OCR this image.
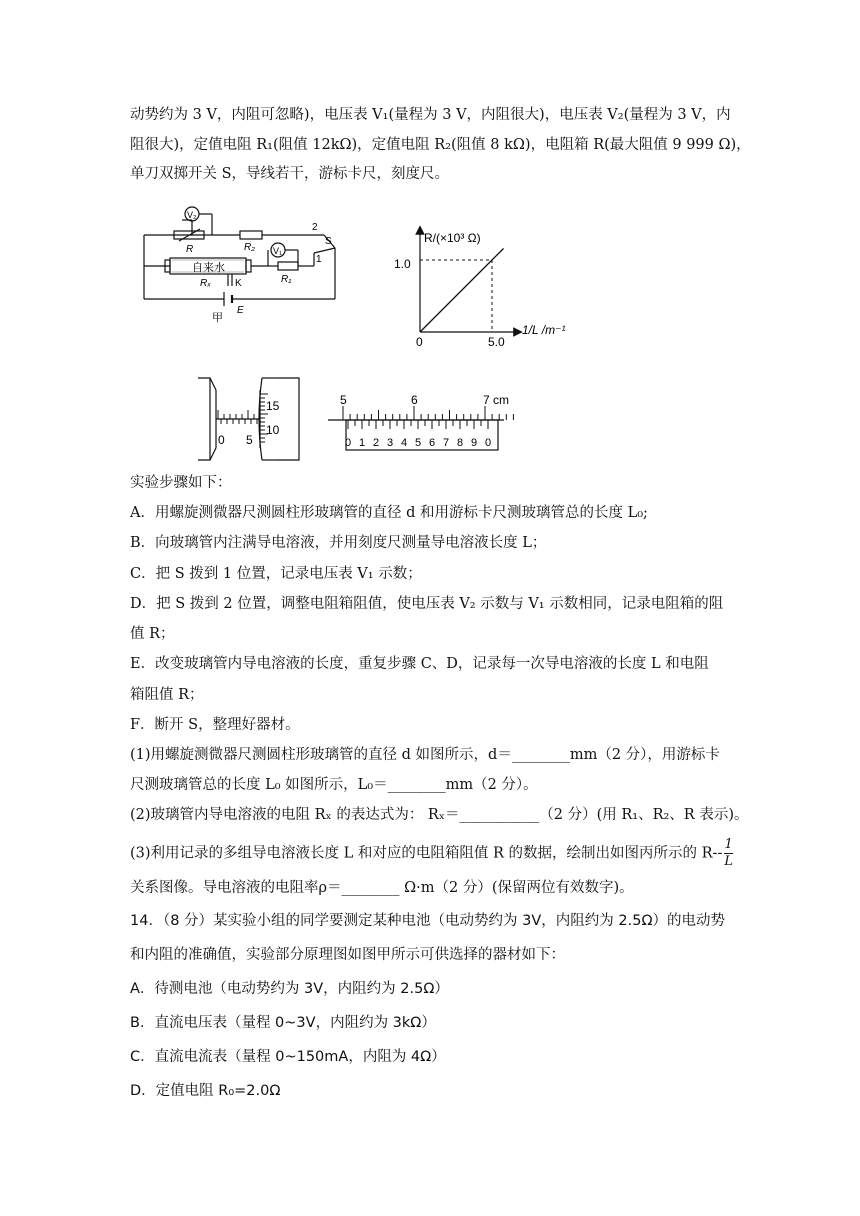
动势约为 3 V，内阻可忽略)，电压表 V₁(量程为 3 V，内阻很大)，电压表 V₂(量程为 3 V，内
阻很大)，定值电阻 R₁(阻值 12kΩ)，定值电阻 R₂(阻值 8 kΩ)，电阻箱 R(最大阻值 9 999 Ω)，
单刀双掷开关 S，导线若干，游标卡尺，刻度尺。
自来水
V₂
R	R₂ V₁
R₁
S
2
1
Rₓ K
E
甲
R/(×10³ Ω)
1.0
0	5.0
1/L /m⁻¹
0 5
15
10
0 1 2 3 4 5 6 7 8 9 0
5	6	7 cm
实验步骤如下：
A．用螺旋测微器尺测圆柱形玻璃管的直径 d 和用游标卡尺测玻璃管总的长度 L₀;
B．向玻璃管内注满导电溶液，并用刻度尺测量导电溶液长度 L；
C．把 S 拨到 1 位置，记录电压表 V₁ 示数；
D．把 S 拨到 2 位置，调整电阻箱阻值，使电压表 V₂ 示数与 V₁ 示数相同，记录电阻箱的阻
值 R；
E．改变玻璃管内导电溶液的长度，重复步骤 C、D，记录每一次导电溶液的长度 L 和电阻
箱阻值 R；
F．断开 S，整理好器材。
(1)用螺旋测微器尺测圆柱形玻璃管的直径 d 如图所示，d＝________mm（2 分），用游标卡
尺测玻璃管总的长度 L₀ 如图所示，L₀＝________mm（2 分）。
(2)玻璃管内导电溶液的电阻 Rₓ 的表达式为： Rₓ＝___________（2 分）(用 R₁、R₂、R 表示)。
(3)利用记录的多组导电溶液长度 L 和对应的电阻箱阻值 R 的数据，绘制出如图丙所示的 $R-- \frac{1}{L}$
关系图像。导电溶液的电阻率ρ＝________ Ω·m（2 分）(保留两位有效数字)。
14．（8 分）某实验小组的同学要测定某种电池（电动势约为 3V，内阻约为 2.5Ω）的电动势
和内阻的准确值，实验部分原理图如图甲所示可供选择的器材如下：
A．待测电池（电动势约为 3V，内阻约为 2.5Ω）
B．直流电压表（量程 0~3V，内阻约为 3kΩ）
C．直流电流表（量程 0~150mA，内阻为 4Ω）
D．定值电阻 R₀=2.0Ω
